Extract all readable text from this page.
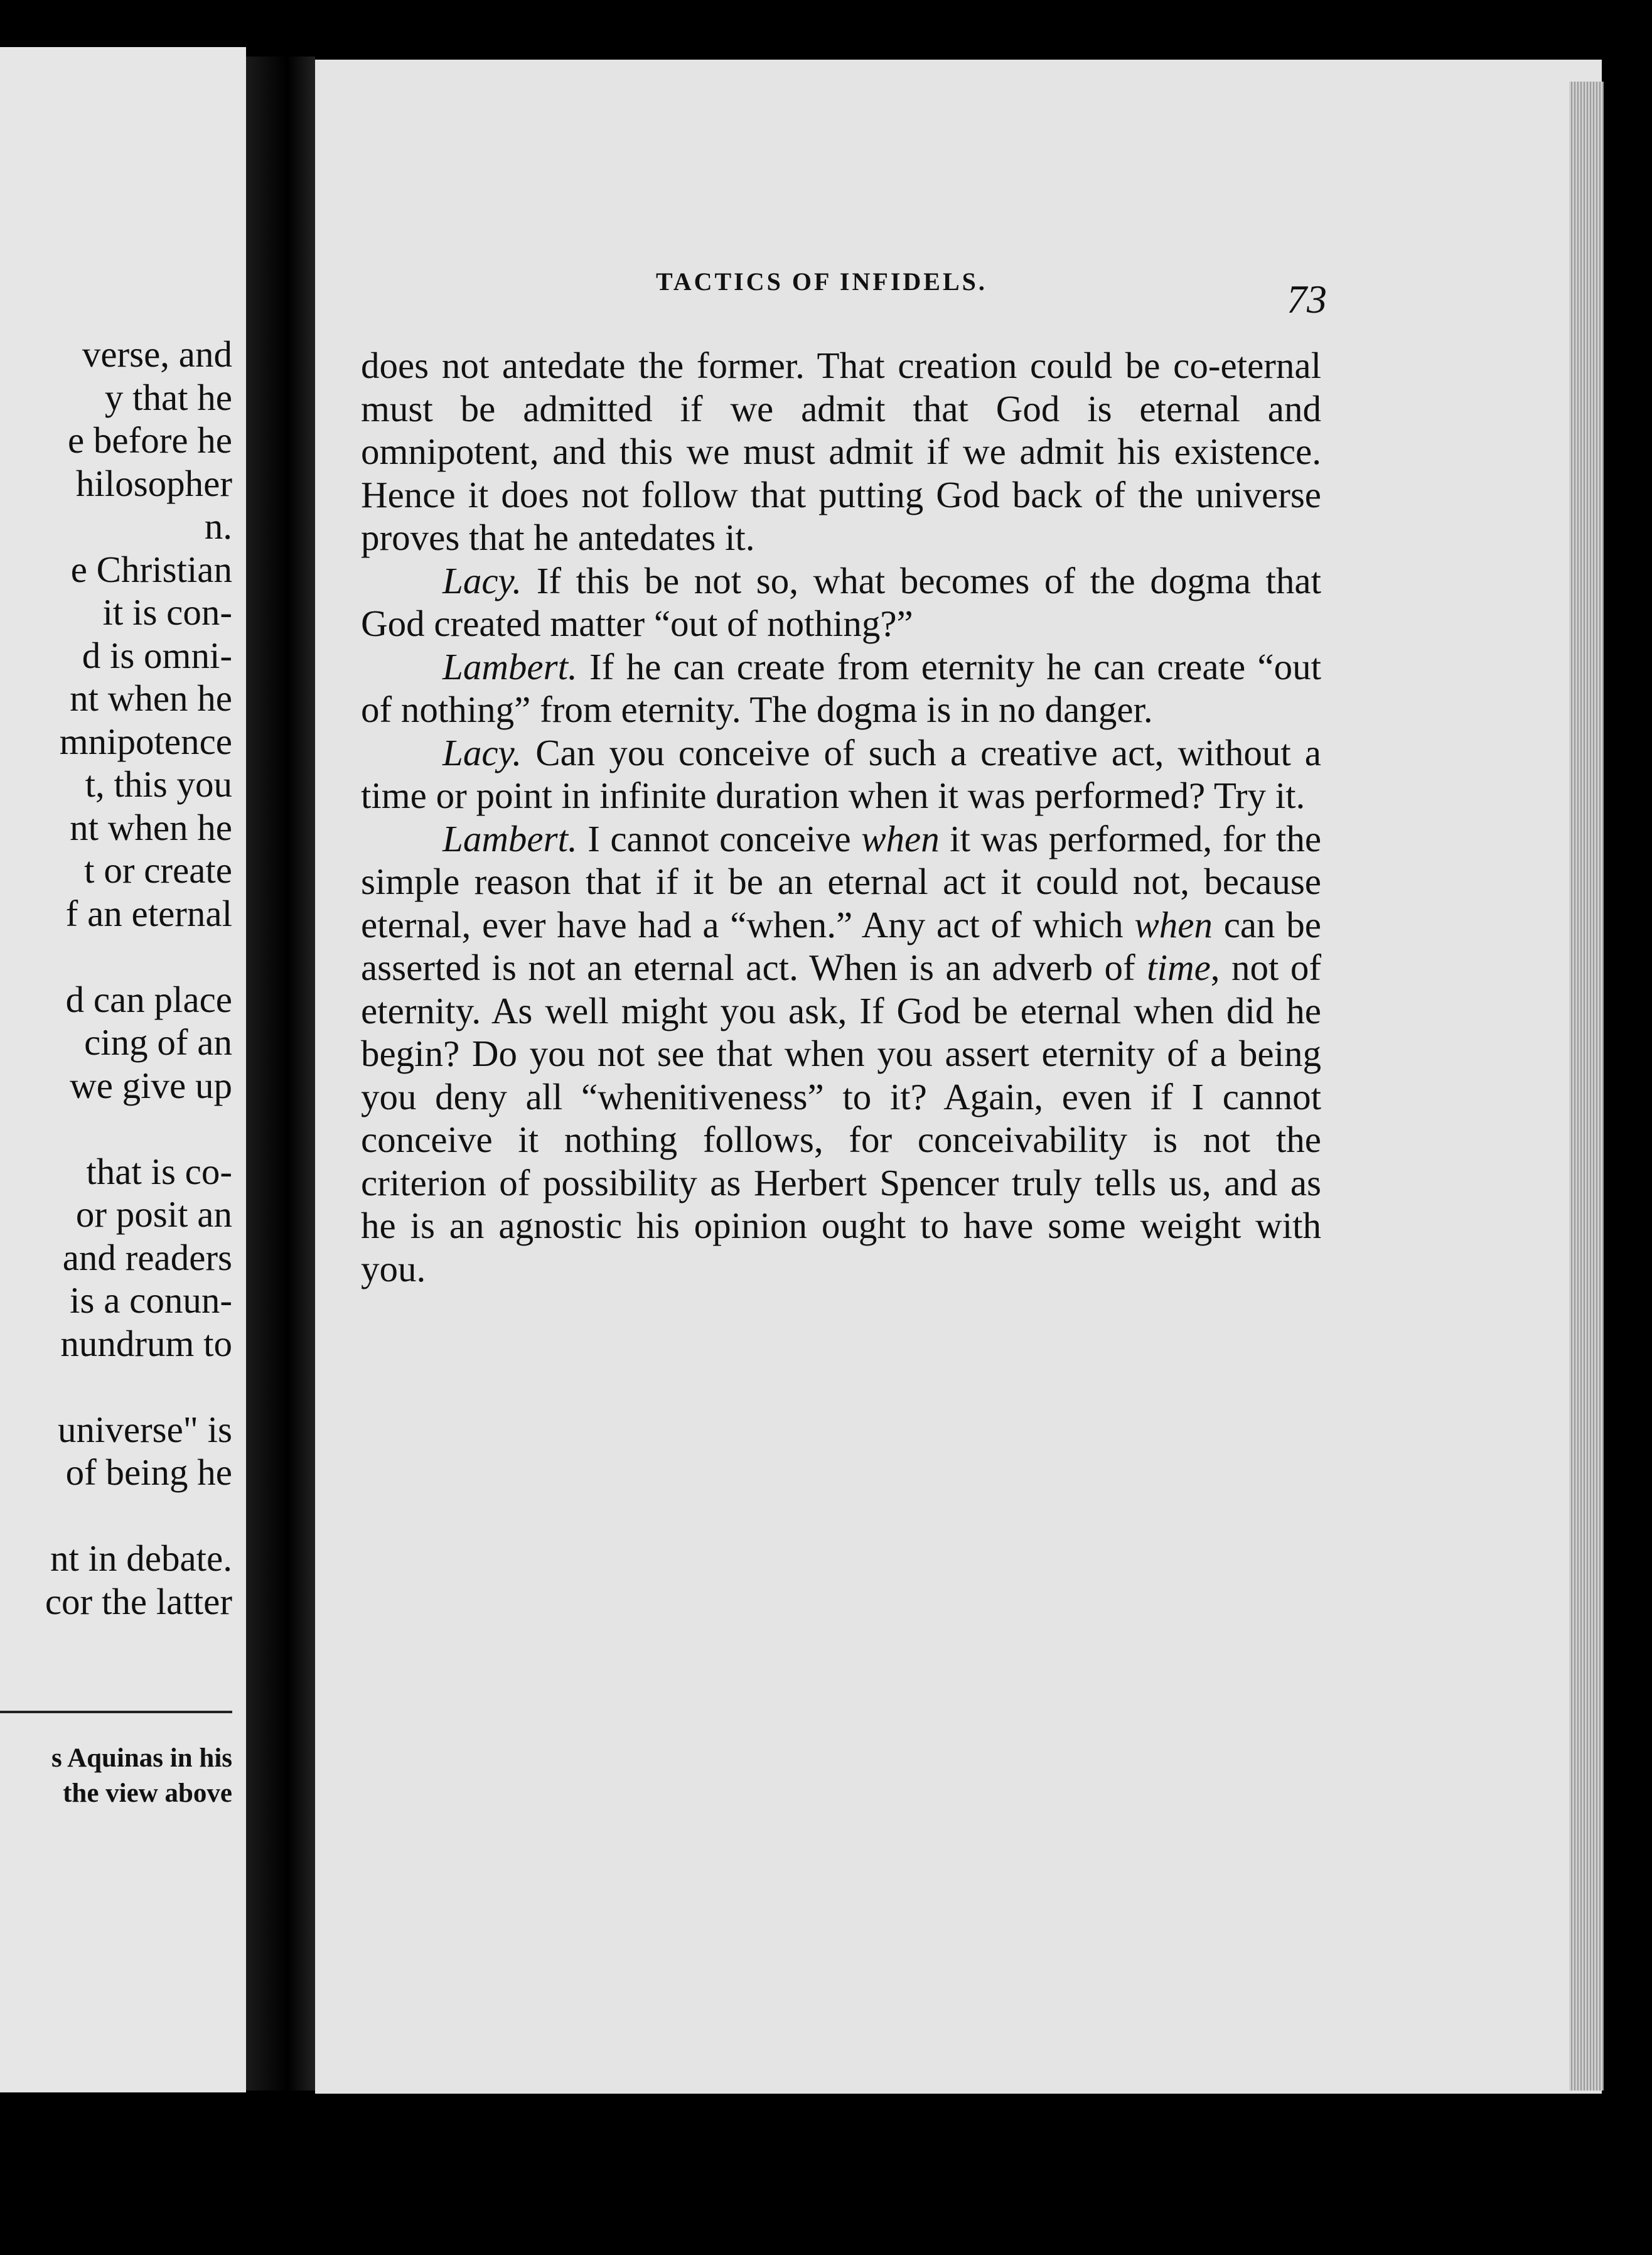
verse, and
y that he
e before he
hilosopher
n.
e Christian
it is con-
d is omni-
nt when he
mnipotence
t, this you
nt when he
t or create
f an eternal
d can place
cing of an
we give up
that is co-
or posit an
and readers
is a conun-
nundrum to
universe" is
of being he
nt in debate.
cor the latter
s Aquinas in his
the view above
TACTICS OF INFIDELS.	73

does not antedate the former. That creation could be co-eternal must be admitted if we admit that God is eternal and omnipotent, and this we must admit if we admit his existence. Hence it does not follow that putting God back of the universe proves that he antedates it.

Lacy. If this be not so, what becomes of the dogma that God created matter “out of nothing?”

Lambert. If he can create from eternity he can create “out of nothing” from eternity. The dogma is in no danger.

Lacy. Can you conceive of such a creative act, without a time or point in infinite duration when it was performed? Try it.

Lambert. I cannot conceive when it was performed, for the simple reason that if it be an eternal act it could not, because eternal, ever have had a “when.” Any act of which when can be asserted is not an eternal act. When is an adverb of time, not of eternity. As well might you ask, If God be eternal when did he begin? Do you not see that when you assert eternity of a being you deny all “whenitiveness” to it? Again, even if I cannot conceive it nothing follows, for conceivability is not the criterion of possibility as Herbert Spencer truly tells us, and as he is an agnostic his opinion ought to have some weight with you.
